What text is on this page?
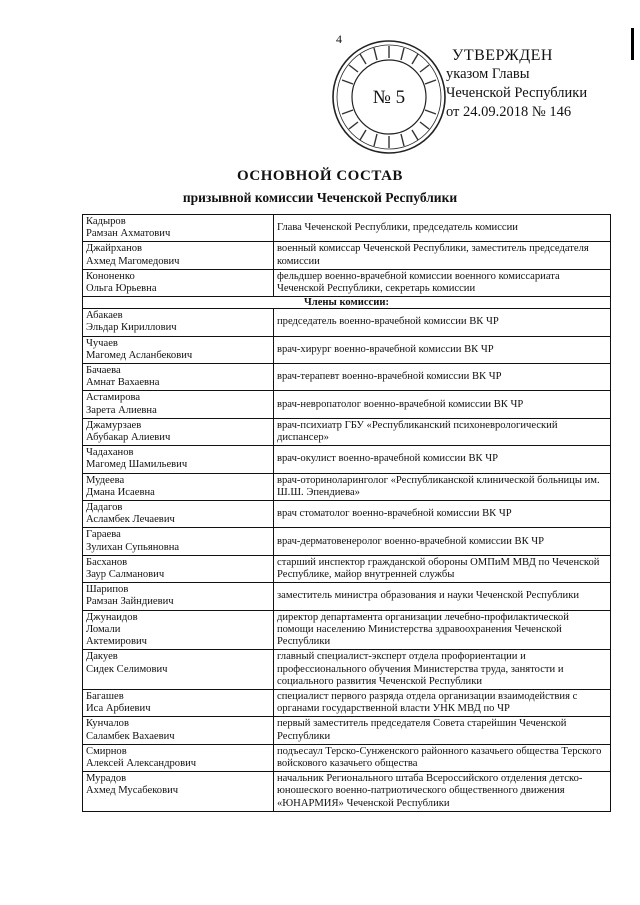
4
№ 5
УТВЕРЖДЕН
указом Главы
Чеченской Республики
от 24.09.2018 № 146
ОСНОВНОЙ СОСТАВ
призывной комиссии Чеченской Республики
Кадыров
Рамзан Ахматович	Глава Чеченской Республики, председатель комиссии

Джайрханов
Ахмед Магомедович	военный комиссар Чеченской Республики, заместитель председателя комиссии

Кононенко
Ольга Юрьевна	фельдшер военно-врачебной комиссии военного комиссариата Чеченской Республики, секретарь комиссии
Члены комиссии:	

Абакаев
Эльдар Кириллович	председатель военно-врачебной комиссии ВК ЧР

Чучаев
Магомед Асланбекович	врач-хирург военно-врачебной комиссии ВК ЧР

Бачаева
Амнат Вахаевна	врач-терапевт военно-врачебной комиссии ВК ЧР

Астамирова
Зарета Алиевна	врач-невропатолог военно-врачебной комиссии ВК ЧР

Джамурзаев
Абубакар Алиевич	врач-психиатр ГБУ «Республиканский психоневрологический диспансер»

Чадаханов
Магомед Шамильевич	врач-окулист военно-врачебной комиссии ВК ЧР

Мудеева
Дмана Исаевна	врач-оториноларинголог «Республиканской клинической больницы им. Ш.Ш. Эпендиева»

Дадагов
Асламбек Лечаевич	врач стоматолог военно-врачебной комиссии ВК ЧР

Гараева
Зулихан Супьяновна	врач-дерматовенеролог военно-врачебной комиссии ВК ЧР

Басханов
Заур Салманович	старший инспектор гражданской обороны ОМПиМ МВД по Чеченской Республике, майор внутренней службы

Шарипов
Рамзан Зайндиевич	заместитель министра образования и науки Чеченской Республики

Джунаидов
Ломали
Актемирович	директор департамента организации лечебно-профилактической помощи населению Министерства здравоохранения Чеченской Республики

Дакуев
Сидек Селимович	главный специалист-эксперт отдела профориентации и профессионального обучения Министерства труда, занятости и социального развития Чеченской Республики

Багашев
Иса Арбиевич	специалист первого разряда отдела организации взаимодействия с органами государственной власти УНК МВД по ЧР

Кунчалов
Саламбек Вахаевич	первый заместитель председателя Совета старейшин Чеченской Республики

Смирнов
Алексей Александрович	подъесаул Терско-Сунженского районного казачьего общества Терского войскового казачьего общества

Мурадов
Ахмед Мусабекович	начальник Регионального штаба Всероссийского отделения детско-юношеского военно-патриотического общественного движения «ЮНАРМИЯ» Чеченской Республики
